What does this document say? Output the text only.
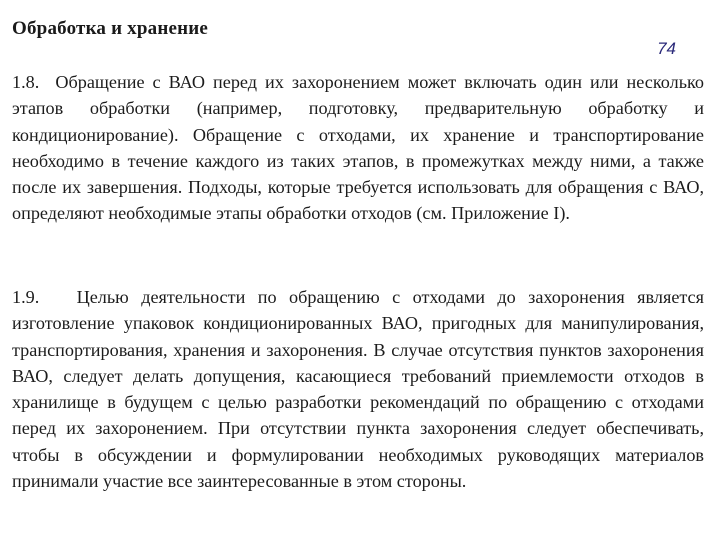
Обработка и хранение
74

1.8. Обращение с ВАО перед их захоронением может включать один или несколько этапов обработки (например, подготовку, предварительную обработку и кондиционирование). Обращение с отходами, их хранение и транспортирование необходимо в течение каждого из таких этапов, в промежутках между ними, а также после их завершения. Подходы, которые требуется использовать для обращения с ВАО, определяют необходимые этапы обработки отходов (см. Приложение I).

1.9. Целью деятельности по обращению с отходами до захоронения является изготовление упаковок кондиционированных ВАО, пригодных для манипулирования, транспортирования, хранения и захоронения. В случае отсутствия пунктов захоронения ВАО, следует делать допущения, касающиеся требований приемлемости отходов в хранилище в будущем с целью разработки рекомендаций по обращению с отходами перед их захоронением. При отсутствии пункта захоронения следует обеспечивать, чтобы в обсуждении и формулировании необходимых руководящих материалов принимали участие все заинтересованные в этом стороны.
